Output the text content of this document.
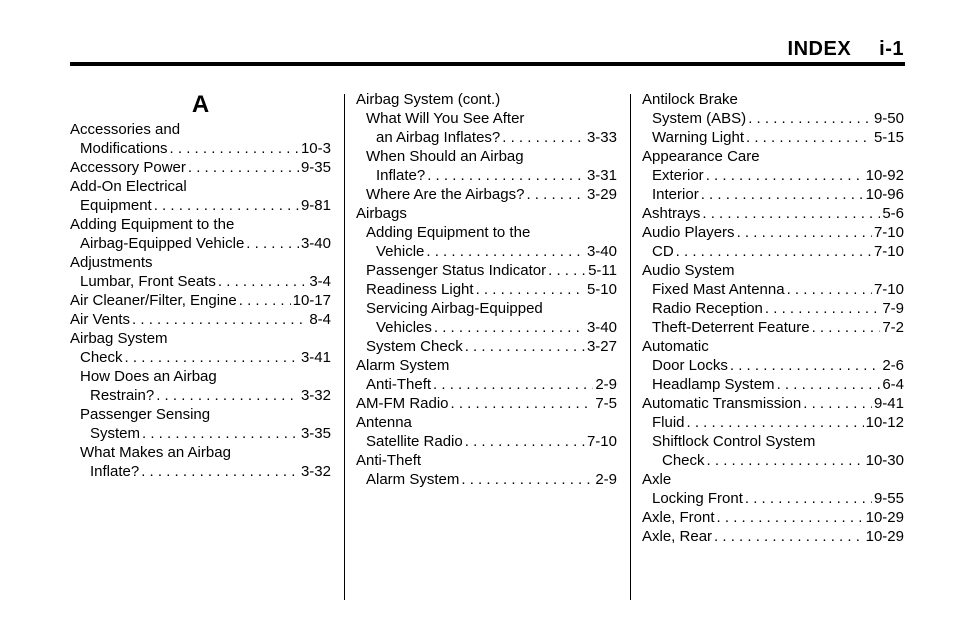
INDEX i-1
A
Accessories and
Modifications . . .	10-3
Accessory Power . . .	9-35
Add-On Electrical
Equipment . . .	9-81
Adding Equipment to the
Airbag-Equipped Vehicle . . .	3-40
Adjustments
Lumbar, Front Seats . . .	3-4
Air Cleaner/Filter, Engine . . .	10-17
Air Vents . . .	8-4
Airbag System
Check . . .	3-41
How Does an Airbag
Restrain? . . .	3-32
Passenger Sensing
System . . .	3-35
What Makes an Airbag
Inflate? . . .	3-32
Airbag System (cont.)
What Will You See After
an Airbag Inflates? . . .	3-33
When Should an Airbag
Inflate? . . .	3-31
Where Are the Airbags? . . .	3-29
Airbags
Adding Equipment to the
Vehicle . . .	3-40
Passenger Status Indicator . . .	5-11
Readiness Light . . .	5-10
Servicing Airbag-Equipped
Vehicles . . .	3-40
System Check . . .	3-27
Alarm System
Anti-Theft . . .	2-9
AM-FM Radio . . .	7-5
Antenna
Satellite Radio . . .	7-10
Anti-Theft
Alarm System . . .	2-9
Antilock Brake
System (ABS) . . .	9-50
Warning Light . . .	5-15
Appearance Care
Exterior . . .	10-92
Interior . . .	10-96
Ashtrays . . .	5-6
Audio Players . . .	7-10
CD . . .	7-10
Audio System
Fixed Mast Antenna . . .	7-10
Radio Reception . . .	7-9
Theft-Deterrent Feature . . .	7-2
Automatic
Door Locks . . .	2-6
Headlamp System . . .	6-4
Automatic Transmission . . .	9-41
Fluid . . .	10-12
Shiftlock Control System
Check . . .	10-30
Axle
Locking Front . . .	9-55
Axle, Front . . .	10-29
Axle, Rear . . .	10-29
